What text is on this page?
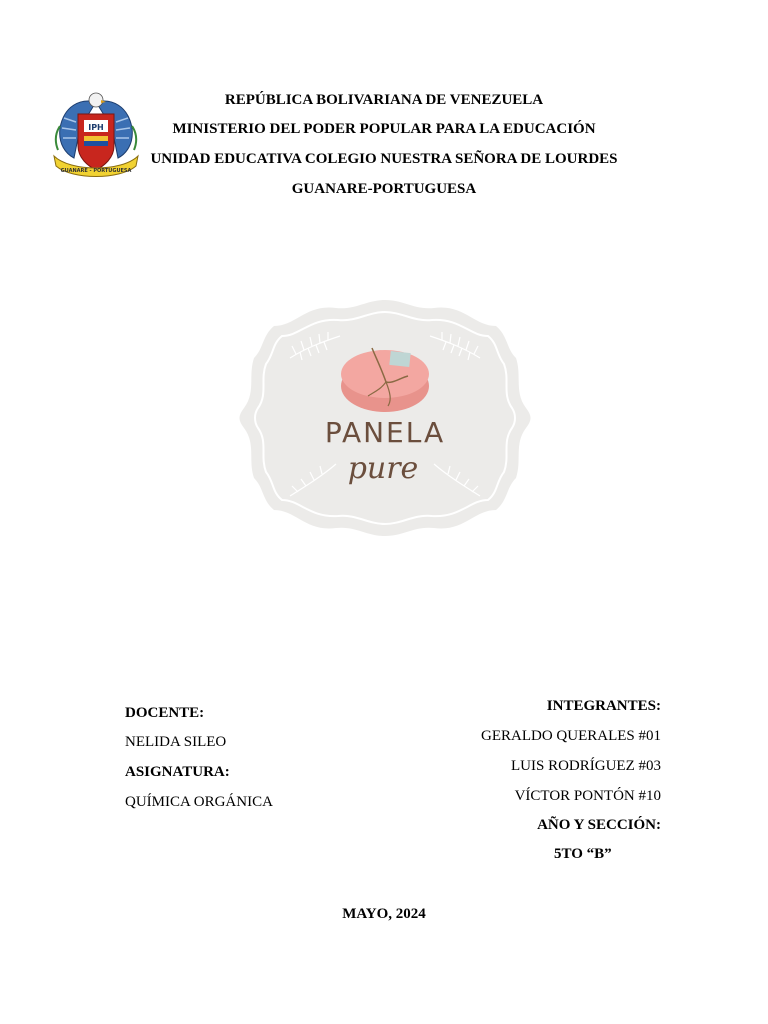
REPÚBLICA BOLIVARIANA DE VENEZUELA
MINISTERIO DEL PODER POPULAR PARA LA EDUCACIÓN
UNIDAD EDUCATIVA COLEGIO NUESTRA SEÑORA DE LOURDES
GUANARE-PORTUGUESA
IPH
GUANARE - PORTUGUESA
PANELA
pure
DOCENTE:
NELIDA SILEO
ASIGNATURA:
QUÍMICA ORGÁNICA
INTEGRANTES:
GERALDO QUERALES #01
LUIS RODRÍGUEZ #03
VÍCTOR PONTÓN #10
AÑO Y SECCIÓN:
5TO “B”
MAYO, 2024
